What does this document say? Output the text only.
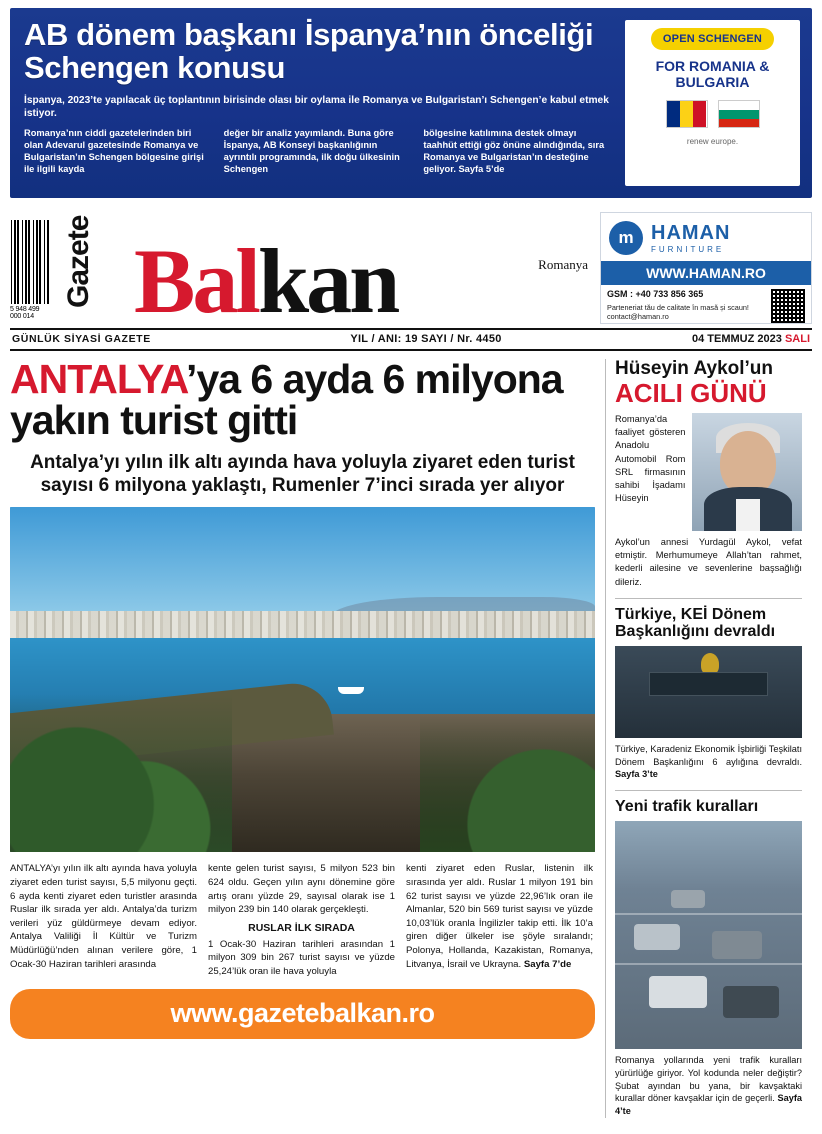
AB dönem başkanı İspanya’nın önceliği Schengen konusu
İspanya, 2023’te yapılacak üç toplantının birisinde olası bir oylama ile Romanya ve Bulgaristan’ı Schengen’e kabul etmek istiyor.
Romanya’nın ciddi gazetelerinden biri olan Adevarul gazetesinde Romanya ve Bulgaristan’ın Schengen bölgesine girişi ile ilgili kayda
değer bir analiz yayımlandı. Buna göre İspanya, AB Konseyi başkanlığının ayrıntılı programında, ilk doğu ülkesinin Schengen
bölgesine katılımına destek olmayı taahhüt ettiği göz önüne alındığında, sıra Romanya ve Bulgaristan’ın desteğine geliyor. Sayfa 5’de
OPEN SCHENGEN
FOR ROMANIA & BULGARIA
renew europe.
5 948 499 000 014
Gazete	Romanya
Bal kan	m HAMAN
FURNITURE
WWW.HAMAN.RO
GSM : +40 733 856 365
Parteneriat tău de calitate în masă și scaun! contact@haman.ro
GÜNLÜK SİYASİ GAZETE	YIL / ANI: 19 SAYI / Nr. 4450	04 TEMMUZ 2023 SALI
ANTALYA’ya 6 ayda 6 milyona yakın turist gitti
Antalya’yı yılın ilk altı ayında hava yoluyla ziyaret eden turist sayısı 6 milyona yaklaştı, Rumenler 7’inci sırada yer alıyor
ANTALYA’yı yılın ilk altı ayında hava yoluyla ziyaret eden turist sayısı, 5,5 milyonu geçti. 6 ayda kenti ziyaret eden turistler arasında Ruslar ilk sırada yer aldı. Antalya’da turizm verileri yüz güldürmeye devam ediyor. Antalya Valiliği İl Kültür ve Turizm Müdürlüğü’nden alınan verilere göre, 1 Ocak-30 Haziran tarihleri arasında
kente gelen turist sayısı, 5 milyon 523 bin 624 oldu. Geçen yılın aynı dönemine göre artış oranı yüzde 29, sayısal olarak ise 1 milyon 239 bin 140 olarak gerçekleşti.
RUSLAR İLK SIRADA
1 Ocak-30 Haziran tarihleri arasından 1 milyon 309 bin 267 turist sayısı ve yüzde 25,24’lük oran ile hava yoluyla
kenti ziyaret eden Ruslar, listenin ilk sırasında yer aldı. Ruslar 1 milyon 191 bin 62 turist sayısı ve yüzde 22,96’lık oran ile Almanlar, 520 bin 569 turist sayısı ve yüzde 10,03’lük oranla İngilizler takip etti. İlk 10’a giren diğer ülkeler ise şöyle sıralandı; Polonya, Hollanda, Kazakistan, Romanya, Litvanya, İsrail ve Ukrayna. Sayfa 7’de
www.gazetebalkan.ro
Hüseyin Aykol’un
ACILI GÜNÜ
Romanya’da faaliyet gösteren Anadolu Automobil Rom SRL firmasının sahibi İşadamı Hüseyin
Aykol’un annesi Yurdagül Aykol, vefat etmiştir. Merhumumeye Allah’tan rahmet, kederli ailesine ve sevenlerine başsağlığı dileriz.
Türkiye, KEİ Dönem Başkanlığını devraldı
Türkiye, Karadeniz Ekonomik İşbirliği Teşkilatı Dönem Başkanlığını 6 aylığına devraldı. Sayfa 3’te
Yeni trafik kuralları
Romanya yollarında yeni trafik kuralları yürürlüğe giriyor. Yol kodunda neler değiştir? Şubat ayından bu yana, bir kavşaktaki kurallar döner kavşaklar için de geçerli. Sayfa 4’te
